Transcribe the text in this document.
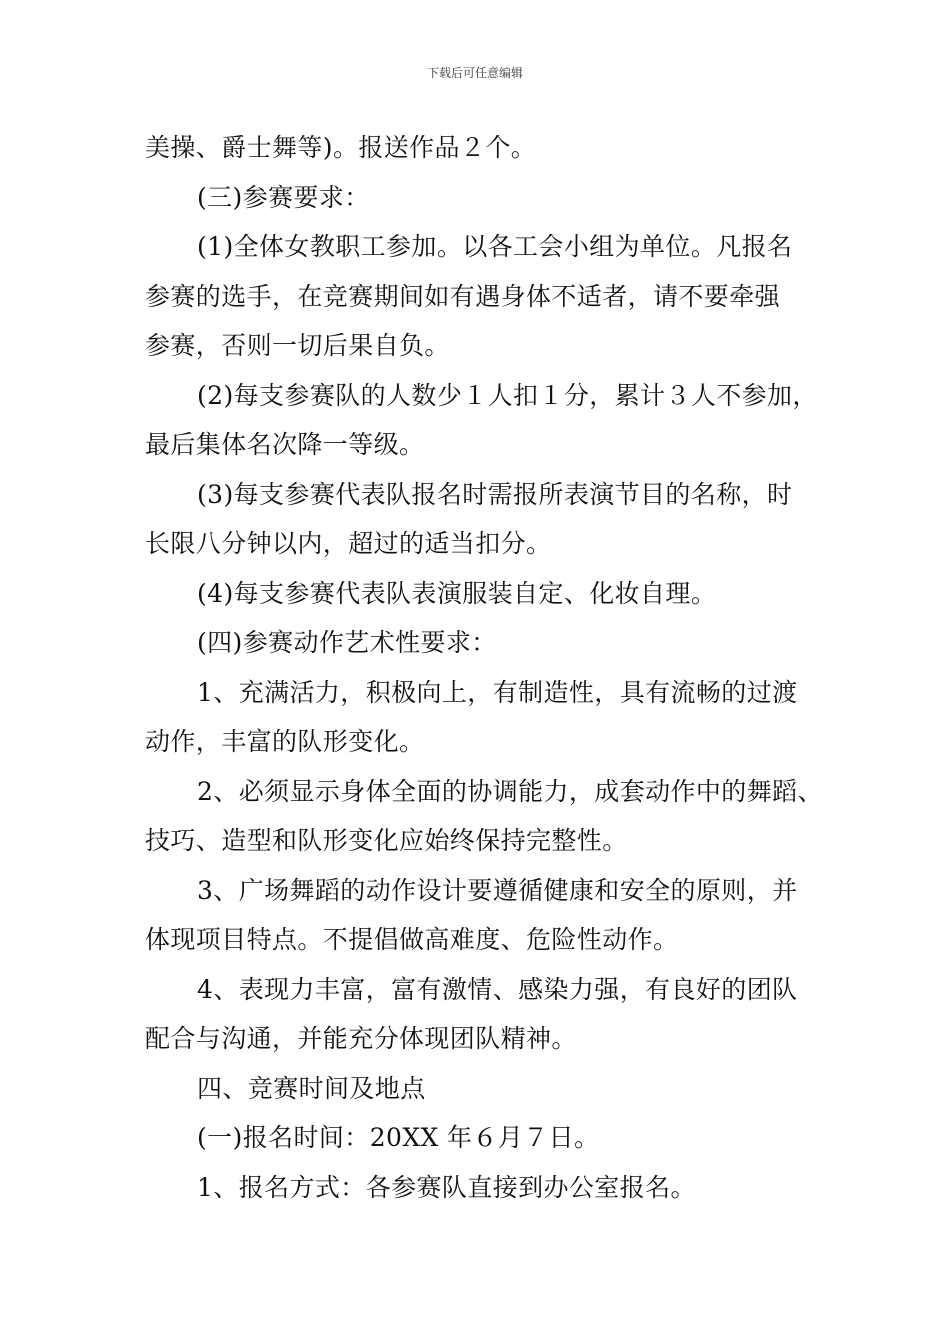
下载后可任意编辑
美操、爵士舞等)。报送作品２个。
(三)参赛要求：
(1)全体女教职工参加。以各工会小组为单位。凡报名
参赛的选手，在竞赛期间如有遇身体不适者，请不要牵强
参赛，否则一切后果自负。
(2)每支参赛队的人数少１人扣１分，累计３人不参加，
最后集体名次降一等级。
(3)每支参赛代表队报名时需报所表演节目的名称，时
长限八分钟以内，超过的适当扣分。
(4)每支参赛代表队表演服装自定、化妆自理。
(四)参赛动作艺术性要求：
1、充满活力，积极向上，有制造性，具有流畅的过渡
动作，丰富的队形变化。
2、必须显示身体全面的协调能力，成套动作中的舞蹈、
技巧、造型和队形变化应始终保持完整性。
3、广场舞蹈的动作设计要遵循健康和安全的原则，并
体现项目特点。不提倡做高难度、危险性动作。
4、表现力丰富，富有激情、感染力强，有良好的团队
配合与沟通，并能充分体现团队精神。
四、竞赛时间及地点
(一)报名时间：20XX 年６月７日。
1、报名方式：各参赛队直接到办公室报名。
